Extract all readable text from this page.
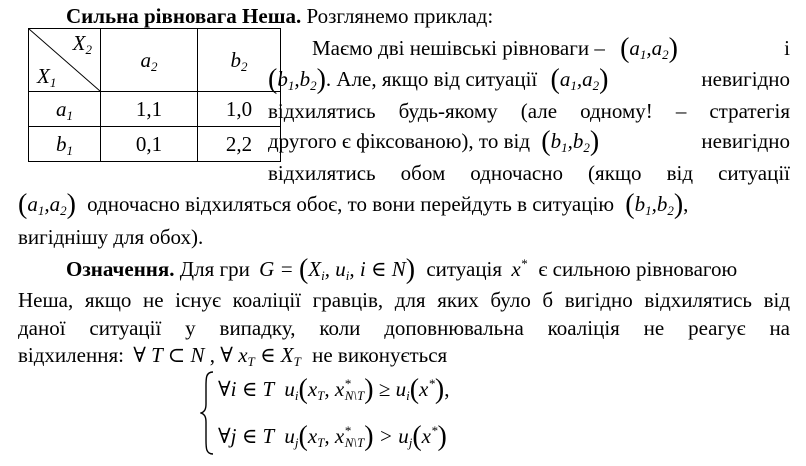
Сильна рівновага Неша. Розглянемо приклад:
$X_2$
$X_1$	$a_2$	$b_2$
$a_1$	1,1	1,0
$b_1$	0,1	2,2
Маємо дві нешівські рівноваги – $(a_1,a_2)$	і
$(b_1,b_2)$. Але, якщо від ситуації $(a_1,a_2)$	невигідно
відхилятись будь-якому (але одному! – стратегія
другого є фіксованою), то від $(b_1,b_2)$	невигідно
відхилятись обом одночасно (якщо від ситуації
$(a_1,a_2)$ одночасно відхиляться обоє, то вони перейдуть в ситуацію $(b_1,b_2)$,
вигіднішу для обох).
Означення. Для гри $G = (X_i$, $u_i$, i ∈ N) ситуація x* є сильною рівновагою
Неша, якщо не існує коаліції гравців, для яких було б вигідно відхилятись від
даної ситуації у випадку, коли доповнювальна коаліція не реагує на
відхилення: ∀ T ⊂ N , ∀ $x_T$ ∈ $X_T$ не виконується
∀i ∈ T  $u_i(x_T$, $x^*_{N\backslash T}) \ge u_i(x^*)$,
∀j ∈ T  $u_j(x_T$, $x^*_{N\backslash T}) > u_j(x^*)$
